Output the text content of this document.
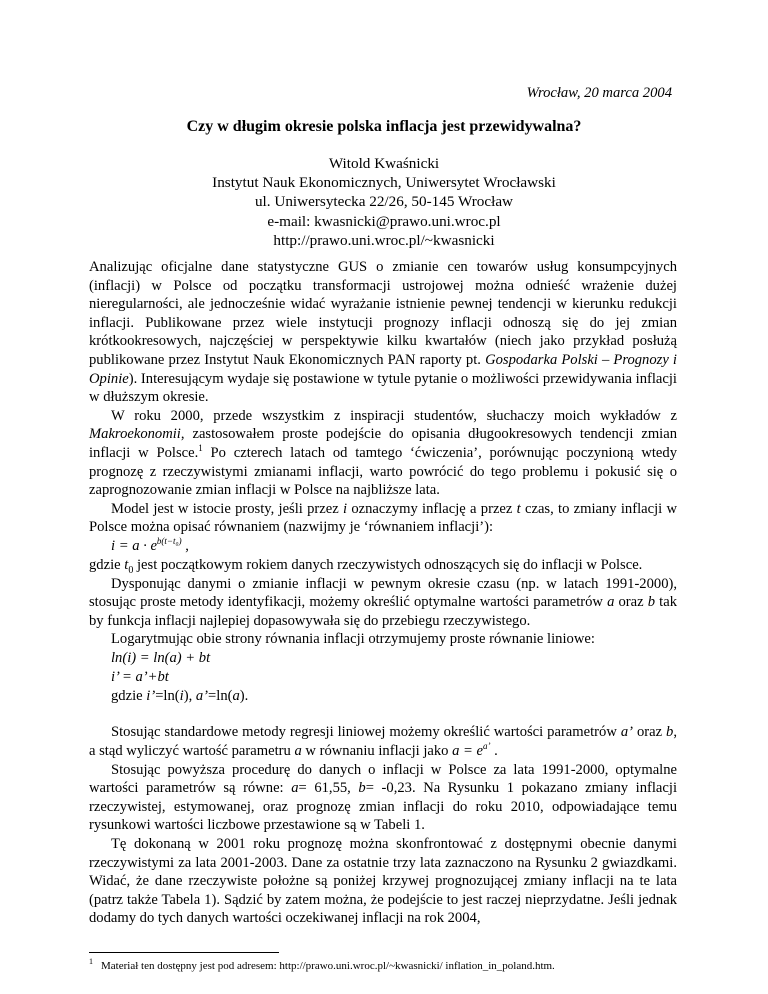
Wrocław, 20 marca 2004
Czy w długim okresie polska inflacja jest przewidywalna?
Witold Kwaśnicki
Instytut Nauk Ekonomicznych, Uniwersytet Wrocławski
ul. Uniwersytecka 22/26, 50-145 Wrocław
e-mail: kwasnicki@prawo.uni.wroc.pl
http://prawo.uni.wroc.pl/~kwasnicki

Analizując oficjalne dane statystyczne GUS o zmianie cen towarów usług konsumpcyjnych (inflacji) w Polsce od początku transformacji ustrojowej można odnieść wrażenie dużej nieregularności, ale jednocześnie widać wyrażanie istnienie pewnej tendencji w kierunku redukcji inflacji. Publikowane przez wiele instytucji prognozy inflacji odnoszą się do jej zmian krótkookresowych, najczęściej w perspektywie kilku kwartałów (niech jako przykład posłużą publikowane przez Instytut Nauk Ekonomicznych PAN raporty pt. Gospodarka Polski – Prognozy i Opinie). Interesującym wydaje się postawione w tytule pytanie o możliwości przewidywania inflacji w dłuższym okresie.

W roku 2000, przede wszystkim z inspiracji studentów, słuchaczy moich wykładów z Makroekonomii, zastosowałem proste podejście do opisania długookresowych tendencji zmian inflacji w Polsce.$^1$ Po czterech latach od tamtego ‘ćwiczenia’, porównując poczynioną wtedy prognozę z rzeczywistymi zmianami inflacji, warto powrócić do tego problemu i pokusić się o zaprognozowanie zmian inflacji w Polsce na najbliższe lata.

Model jest w istocie prosty, jeśli przez i oznaczymy inflację a przez t czas, to zmiany inflacji w Polsce można opisać równaniem (nazwijmy je ‘równaniem inflacji’):

$i = a \cdot e^{b(t-t_0)}$ ,

gdzie $t_0$ jest początkowym rokiem danych rzeczywistych odnoszących się do inflacji w Polsce.

Dysponując danymi o zmianie inflacji w pewnym okresie czasu (np. w latach 1991-2000), stosując proste metody identyfikacji, możemy określić optymalne wartości parametrów a oraz b tak by funkcja inflacji najlepiej dopasowywała się do przebiegu rzeczywistego.

Logarytmując obie strony równania inflacji otrzymujemy proste równanie liniowe:

ln(i) = ln(a) + bt

i’ = a’+bt

gdzie i’=ln(i), a’=ln(a).

Stosując standardowe metody regresji liniowej możemy określić wartości parametrów a’ oraz b, a stąd wyliczyć wartość parametru a w równaniu inflacji jako $a = e^{a’}$ .

Stosując powyższa procedurę do danych o inflacji w Polsce za lata 1991-2000, optymalne wartości parametrów są równe: a= 61,55, b= -0,23. Na Rysunku 1 pokazano zmiany inflacji rzeczywistej, estymowanej, oraz prognozę zmian inflacji do roku 2010, odpowiadające temu rysunkowi wartości liczbowe przestawione są w Tabeli 1.

Tę dokonaną w 2001 roku prognozę można skonfrontować z dostępnymi obecnie danymi rzeczywistymi za lata 2001-2003. Dane za ostatnie trzy lata zaznaczono na Rysunku 2 gwiazdkami. Widać, że dane rzeczywiste położne są poniżej krzywej prognozującej zmiany inflacji na te lata (patrz także Tabela 1). Sądzić by zatem można, że podejście to jest raczej nieprzydatne. Jeśli jednak dodamy do tych danych wartości oczekiwanej inflacji na rok 2004,

$^1$ Materiał ten dostępny jest pod adresem: http://prawo.uni.wroc.pl/~kwasnicki/ inflation_in_poland.htm.
